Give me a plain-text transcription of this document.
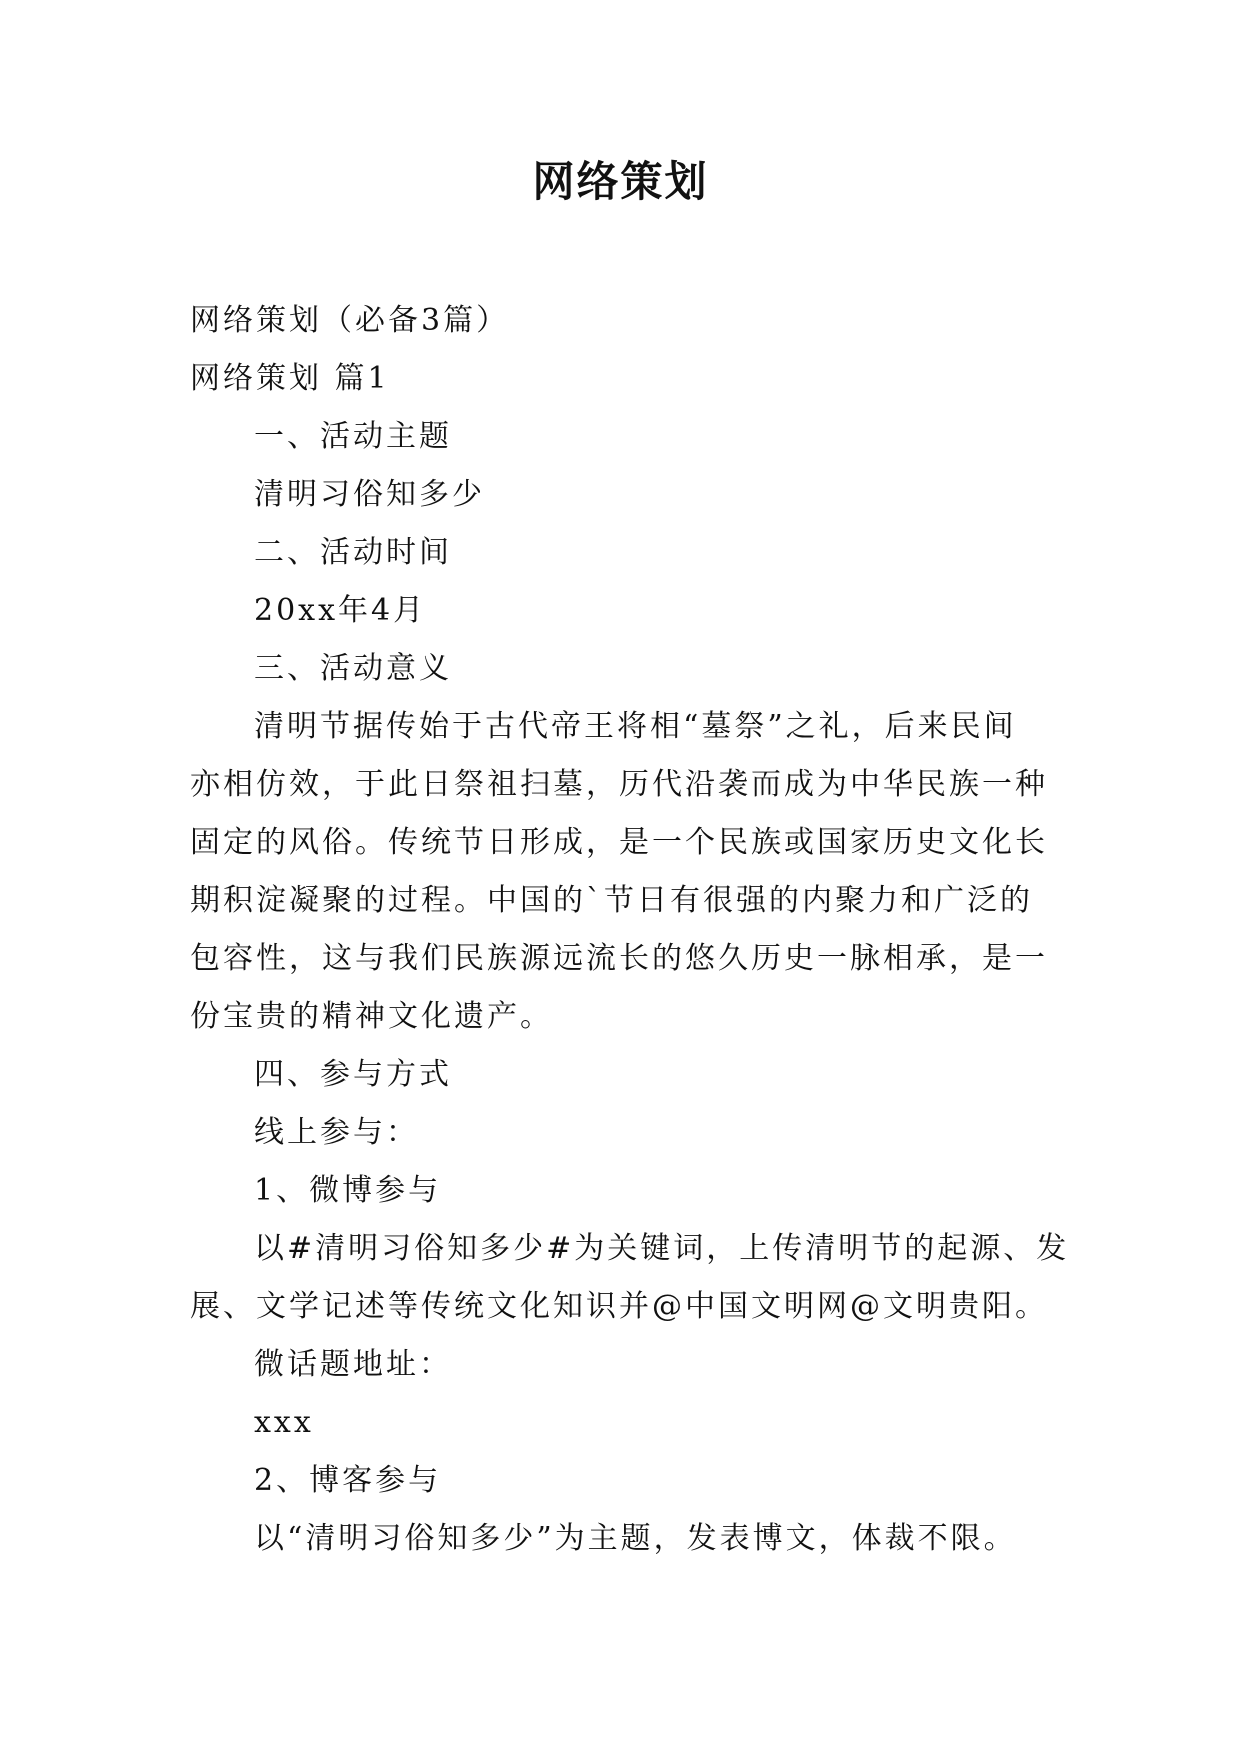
网络策划
网络策划（必备3篇）
网络策划 篇1
一、活动主题
清明习俗知多少
二、活动时间
20xx年4月
三、活动意义
清明节据传始于古代帝王将相“墓祭”之礼，后来民间
亦相仿效，于此日祭祖扫墓，历代沿袭而成为中华民族一种
固定的风俗。传统节日形成，是一个民族或国家历史文化长
期积淀凝聚的过程。中国的`节日有很强的内聚力和广泛的
包容性，这与我们民族源远流长的悠久历史一脉相承，是一
份宝贵的精神文化遗产。
四、参与方式
线上参与：
1、微博参与
以#清明习俗知多少#为关键词，上传清明节的起源、发
展、文学记述等传统文化知识并@中国文明网@文明贵阳。
微话题地址：
xxx
2、博客参与
以“清明习俗知多少”为主题，发表博文，体裁不限。
